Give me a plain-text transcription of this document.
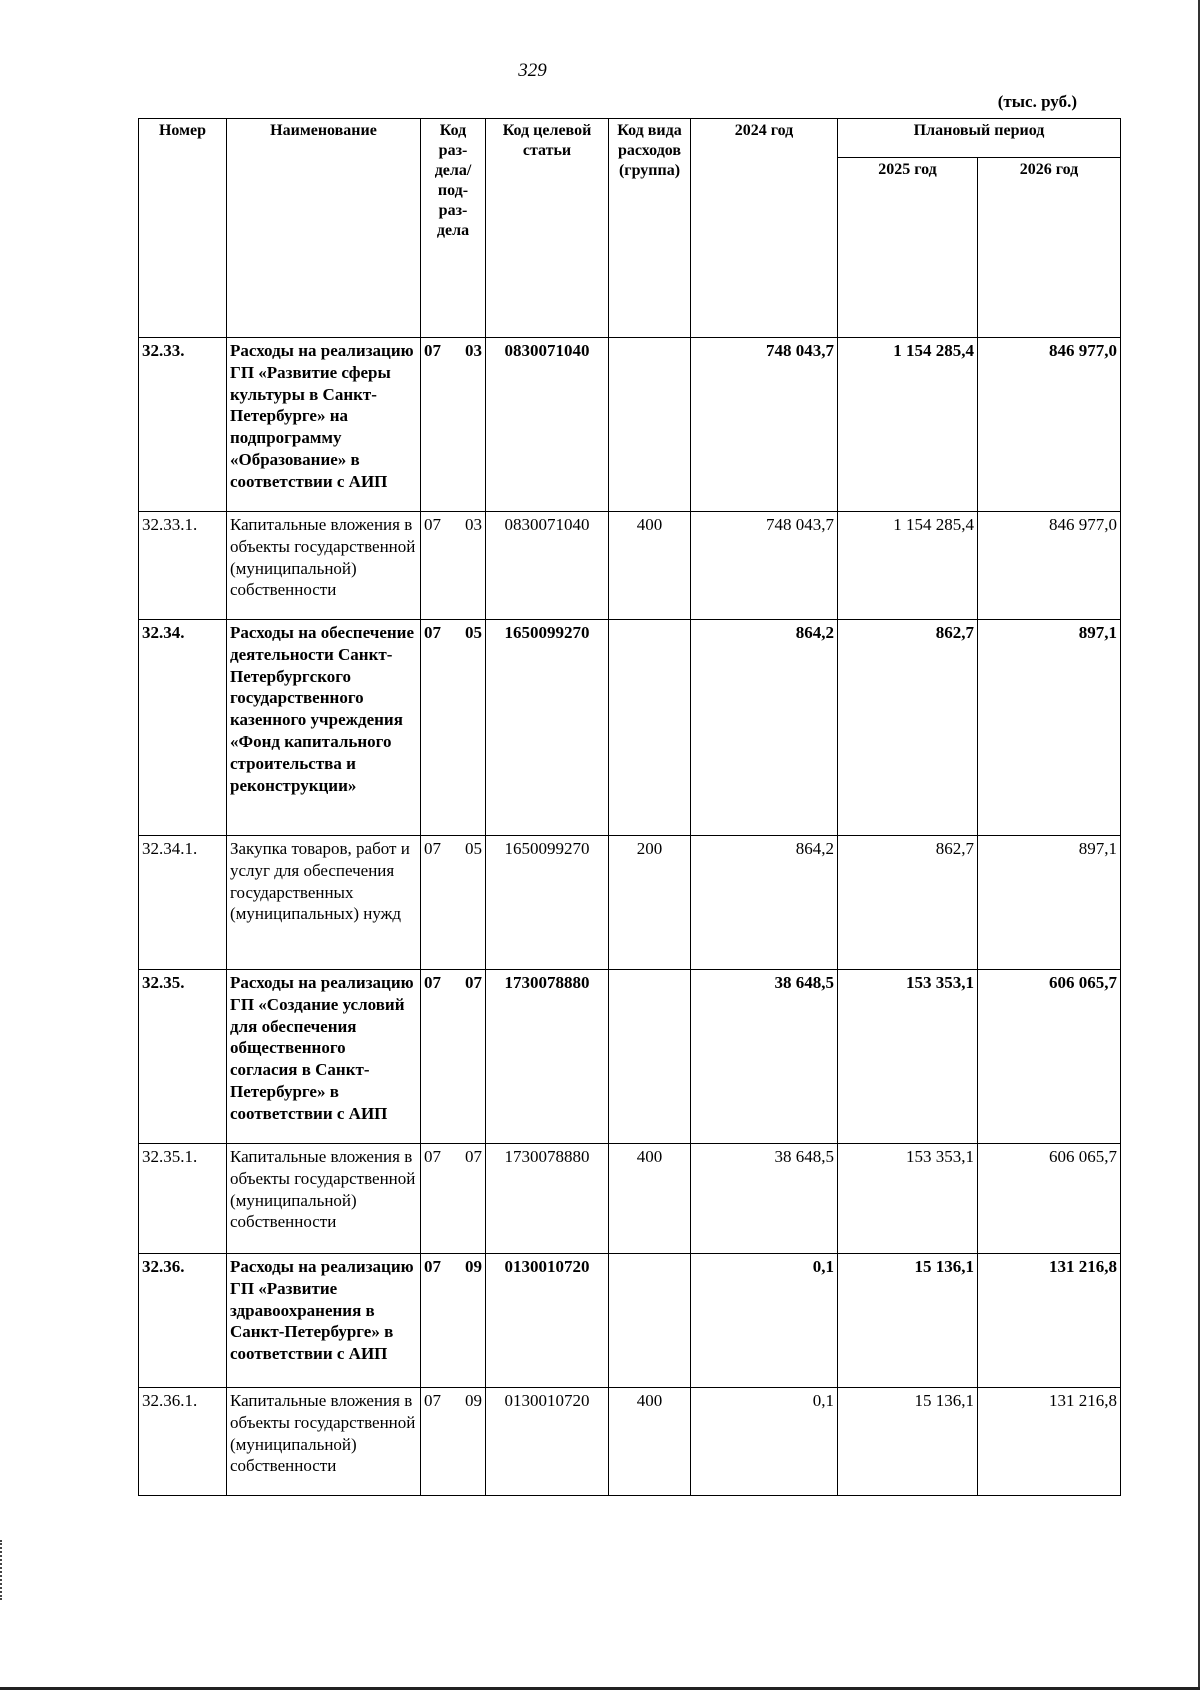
329
(тыс. руб.)
Номер	Наименование	Код раз-дела/ под-раз-дела	Код целевой статьи	Код вида расходов (группа)	2024 год	Плановый период	
						2025 год	2026 год
32.33.	Расходы на реализацию ГП «Развитие сферы культуры в Санкт-Петербурге» на подпрограмму «Образование» в соответствии с АИП	07 03	0830071040		748 043,7	1 154 285,4	846 977,0
32.33.1.	Капитальные вложения в объекты государственной (муниципальной) собственности	07 03	0830071040	400	748 043,7	1 154 285,4	846 977,0
32.34.	Расходы на обеспечение деятельности Санкт-Петербургского государственного казенного учреждения «Фонд капитального строительства и реконструкции»	07 05	1650099270		864,2	862,7	897,1
32.34.1.	Закупка товаров, работ и услуг для обеспечения государственных (муниципальных) нужд	07 05	1650099270	200	864,2	862,7	897,1
32.35.	Расходы на реализацию ГП «Создание условий для обеспечения общественного согласия в Санкт-Петербурге» в соответствии с АИП	07 07	1730078880		38 648,5	153 353,1	606 065,7
32.35.1.	Капитальные вложения в объекты государственной (муниципальной) собственности	07 07	1730078880	400	38 648,5	153 353,1	606 065,7
32.36.	Расходы на реализацию ГП «Развитие здравоохранения в Санкт-Петербурге» в соответствии с АИП	07 09	0130010720		0,1	15 136,1	131 216,8
32.36.1.	Капитальные вложения в объекты государственной (муниципальной) собственности	07 09	0130010720	400	0,1	15 136,1	131 216,8
